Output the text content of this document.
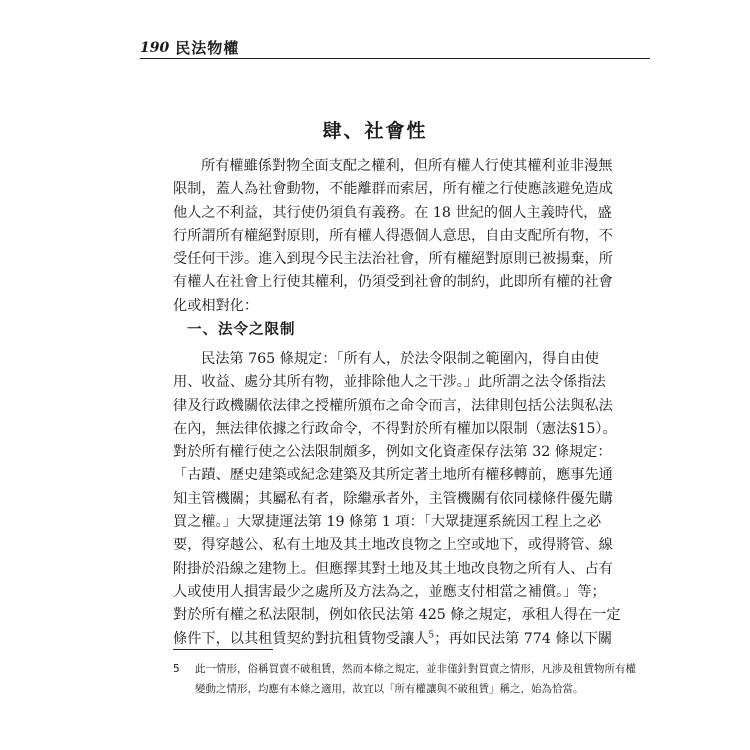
190 民法物權
肆、社會性
所有權雖係對物全面支配之權利，但所有權人行使其權利並非漫無
限制，蓋人為社會動物，不能離群而索居，所有權之行使應該避免造成
他人之不利益，其行使仍須負有義務。在 18 世紀的個人主義時代，盛
行所謂所有權絕對原則，所有權人得憑個人意思，自由支配所有物，不
受任何干涉。進入到現今民主法治社會，所有權絕對原則已被揚棄，所
有權人在社會上行使其權利，仍須受到社會的制約，此即所有權的社會
化或相對化：
一、法令之限制
民法第 765 條規定：「所有人，於法令限制之範圍內，得自由使
用、收益、處分其所有物，並排除他人之干涉。」此所謂之法令係指法
律及行政機關依法律之授權所頒布之命令而言，法律則包括公法與私法
在內，無法律依據之行政命令，不得對於所有權加以限制（憲法§15）。
對於所有權行使之公法限制頗多，例如文化資產保存法第 32 條規定：
「古蹟、歷史建築或紀念建築及其所定著土地所有權移轉前，應事先通
知主管機關；其屬私有者，除繼承者外，主管機關有依同樣條件優先購
買之權。」大眾捷運法第 19 條第 1 項：「大眾捷運系統因工程上之必
要，得穿越公、私有土地及其土地改良物之上空或地下，或得將管、線
附掛於沿線之建物上。但應擇其對土地及其土地改良物之所有人、占有
人或使用人損害最少之處所及方法為之，並應支付相當之補償。」等；
對於所有權之私法限制，例如依民法第 425 條之規定，承租人得在一定
條件下，以其租賃契約對抗租賃物受讓人$^5$；再如民法第 774 條以下關
5 此一情形，俗稱買賣不破租賃，然而本條之規定，並非僅針對買賣之情形，凡涉及租賃物所有權
變動之情形，均應有本條之適用，故宜以「所有權讓與不破租賃」稱之，始為恰當。
